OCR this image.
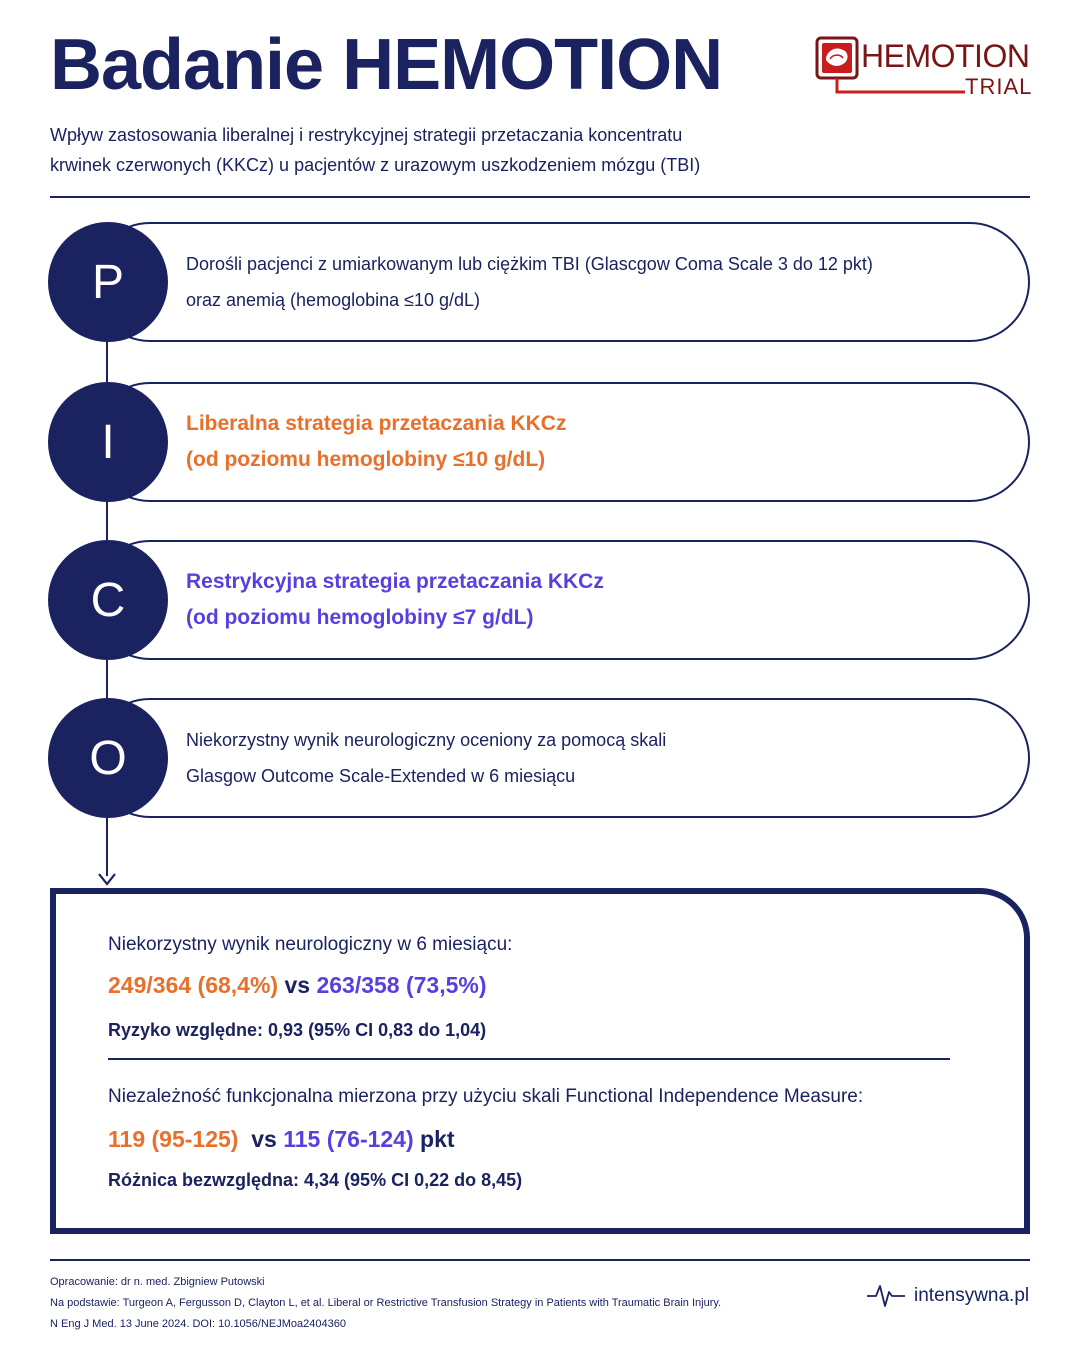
Badanie HEMOTION	HEMOTION
TRIAL
Wpływ zastosowania liberalnej i restrykcyjnej strategii przetaczania koncentratu
krwinek czerwonych (KKCz) u pacjentów z urazowym uszkodzeniem mózgu (TBI)
Dorośli pacjenci z umiarkowanym lub ciężkim TBI (Glascgow Coma Scale 3 do 12 pkt)
oraz anemią (hemoglobina ≤10 g/dL)
P
Liberalna strategia przetaczania KKCz
(od poziomu hemoglobiny ≤10 g/dL)
I
Restrykcyjna strategia przetaczania KKCz
(od poziomu hemoglobiny ≤7 g/dL)
C
Niekorzystny wynik neurologiczny oceniony za pomocą skali
Glasgow Outcome Scale-Extended w 6 miesiącu
O
Niekorzystny wynik neurologiczny w 6 miesiącu:
249/364 (68,4%) vs 263/358 (73,5%)
Ryzyko względne: 0,93 (95% CI 0,83 do 1,04)
Niezależność funkcjonalna mierzona przy użyciu skali Functional Independence Measure:
119 (95-125)  vs 115 (76-124) pkt
Różnica bezwzględna: 4,34 (95% CI 0,22 do 8,45)
Opracowanie: dr n. med. Zbigniew Putowski
Na podstawie: Turgeon A, Fergusson D, Clayton L, et al. Liberal or Restrictive Transfusion Strategy in Patients with Traumatic Brain Injury.
N Eng J Med. 13 June 2024. DOI: 10.1056/NEJMoa2404360
intensywna.pl
